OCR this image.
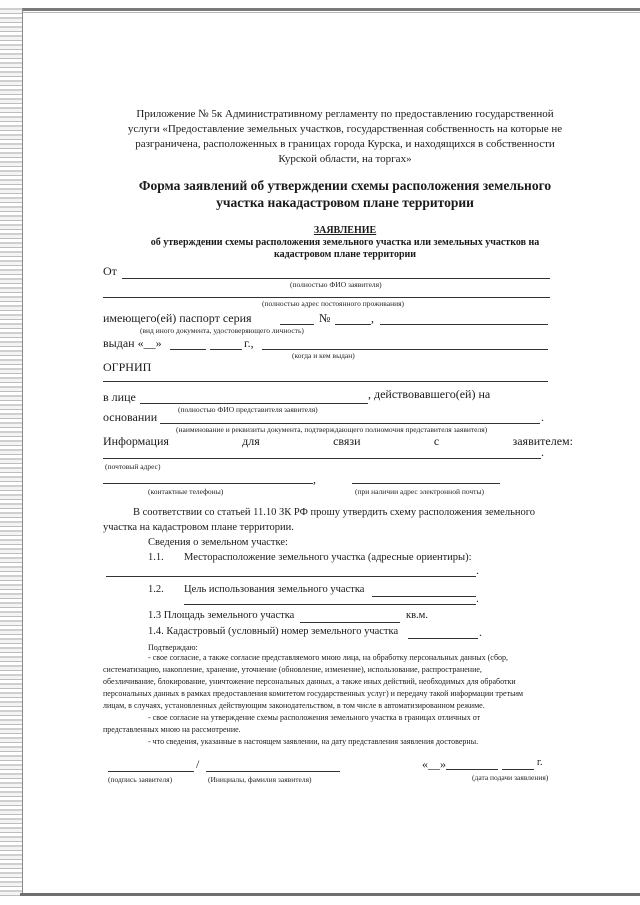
Приложение № 5к Административному регламенту по предоставлению государственной
услуги «Предоставление земельных участков, государственная собственность на которые не
разграничена, расположенных в границах города Курска, и находящихся в собственности
Курской области, на торгах»
Форма заявлений об утверждении схемы расположения земельного
участка накадастровом плане территории
ЗАЯВЛЕНИЕ
об утверждении схемы расположения земельного участка или земельных участков на
кадастровом плане территории
От
(полностью ФИО заявителя)
(полностью адрес постоянного проживания)
имеющего(ей) паспорт серия	№	,
(вид иного документа, удостоверяющего личность)
выдан «__»	г.,
(когда и кем выдан)
ОГРНИП
в лице	, действовавшего(ей) на
(полностью ФИО представителя заявителя)
основании	.
(наименование и реквизиты документа, подтверждающего полномочия представителя заявителя)
Информация	для	связи	с	заявителем:
.
(почтовый адрес)
,
(контактные телефоны)	(при наличии адрес электронной почты)
В соответствии со статьей 11.10 ЗК РФ прошу утвердить схему расположения земельного
участка на кадастровом плане территории.
Сведения о земельном участке:
1.1. Месторасположение земельного участка (адресные ориентиры):
.
1.2. Цель использования земельного участка
.
1.3 Площадь земельного участка	кв.м.
1.4. Кадастровый (условный) номер земельного участка	.
Подтверждаю:
- свое согласие, а также согласие представляемого мною лица, на обработку персональных данных (сбор,
систематизацию, накопление, хранение, уточнение (обновление, изменение), использование, распространение,
обезличивание, блокирование, уничтожение персональных данных, а также иных действий, необходимых для обработки
персональных данных в рамках предоставления комитетом государственных услуг) и передачу такой информации третьим
лицам, в случаях, установленных действующим законодательством, в том числе в автоматизированном режиме.
- свое согласие на утверждение схемы расположения земельного участка в границах отличных от
представленных мною на рассмотрение.
- что сведения, указанные в настоящем заявлении, на дату представления заявления достоверны.
/
(подпись заявителя)	(Инициалы, фамилия заявителя)
«__»	г.
(дата подачи заявления)
